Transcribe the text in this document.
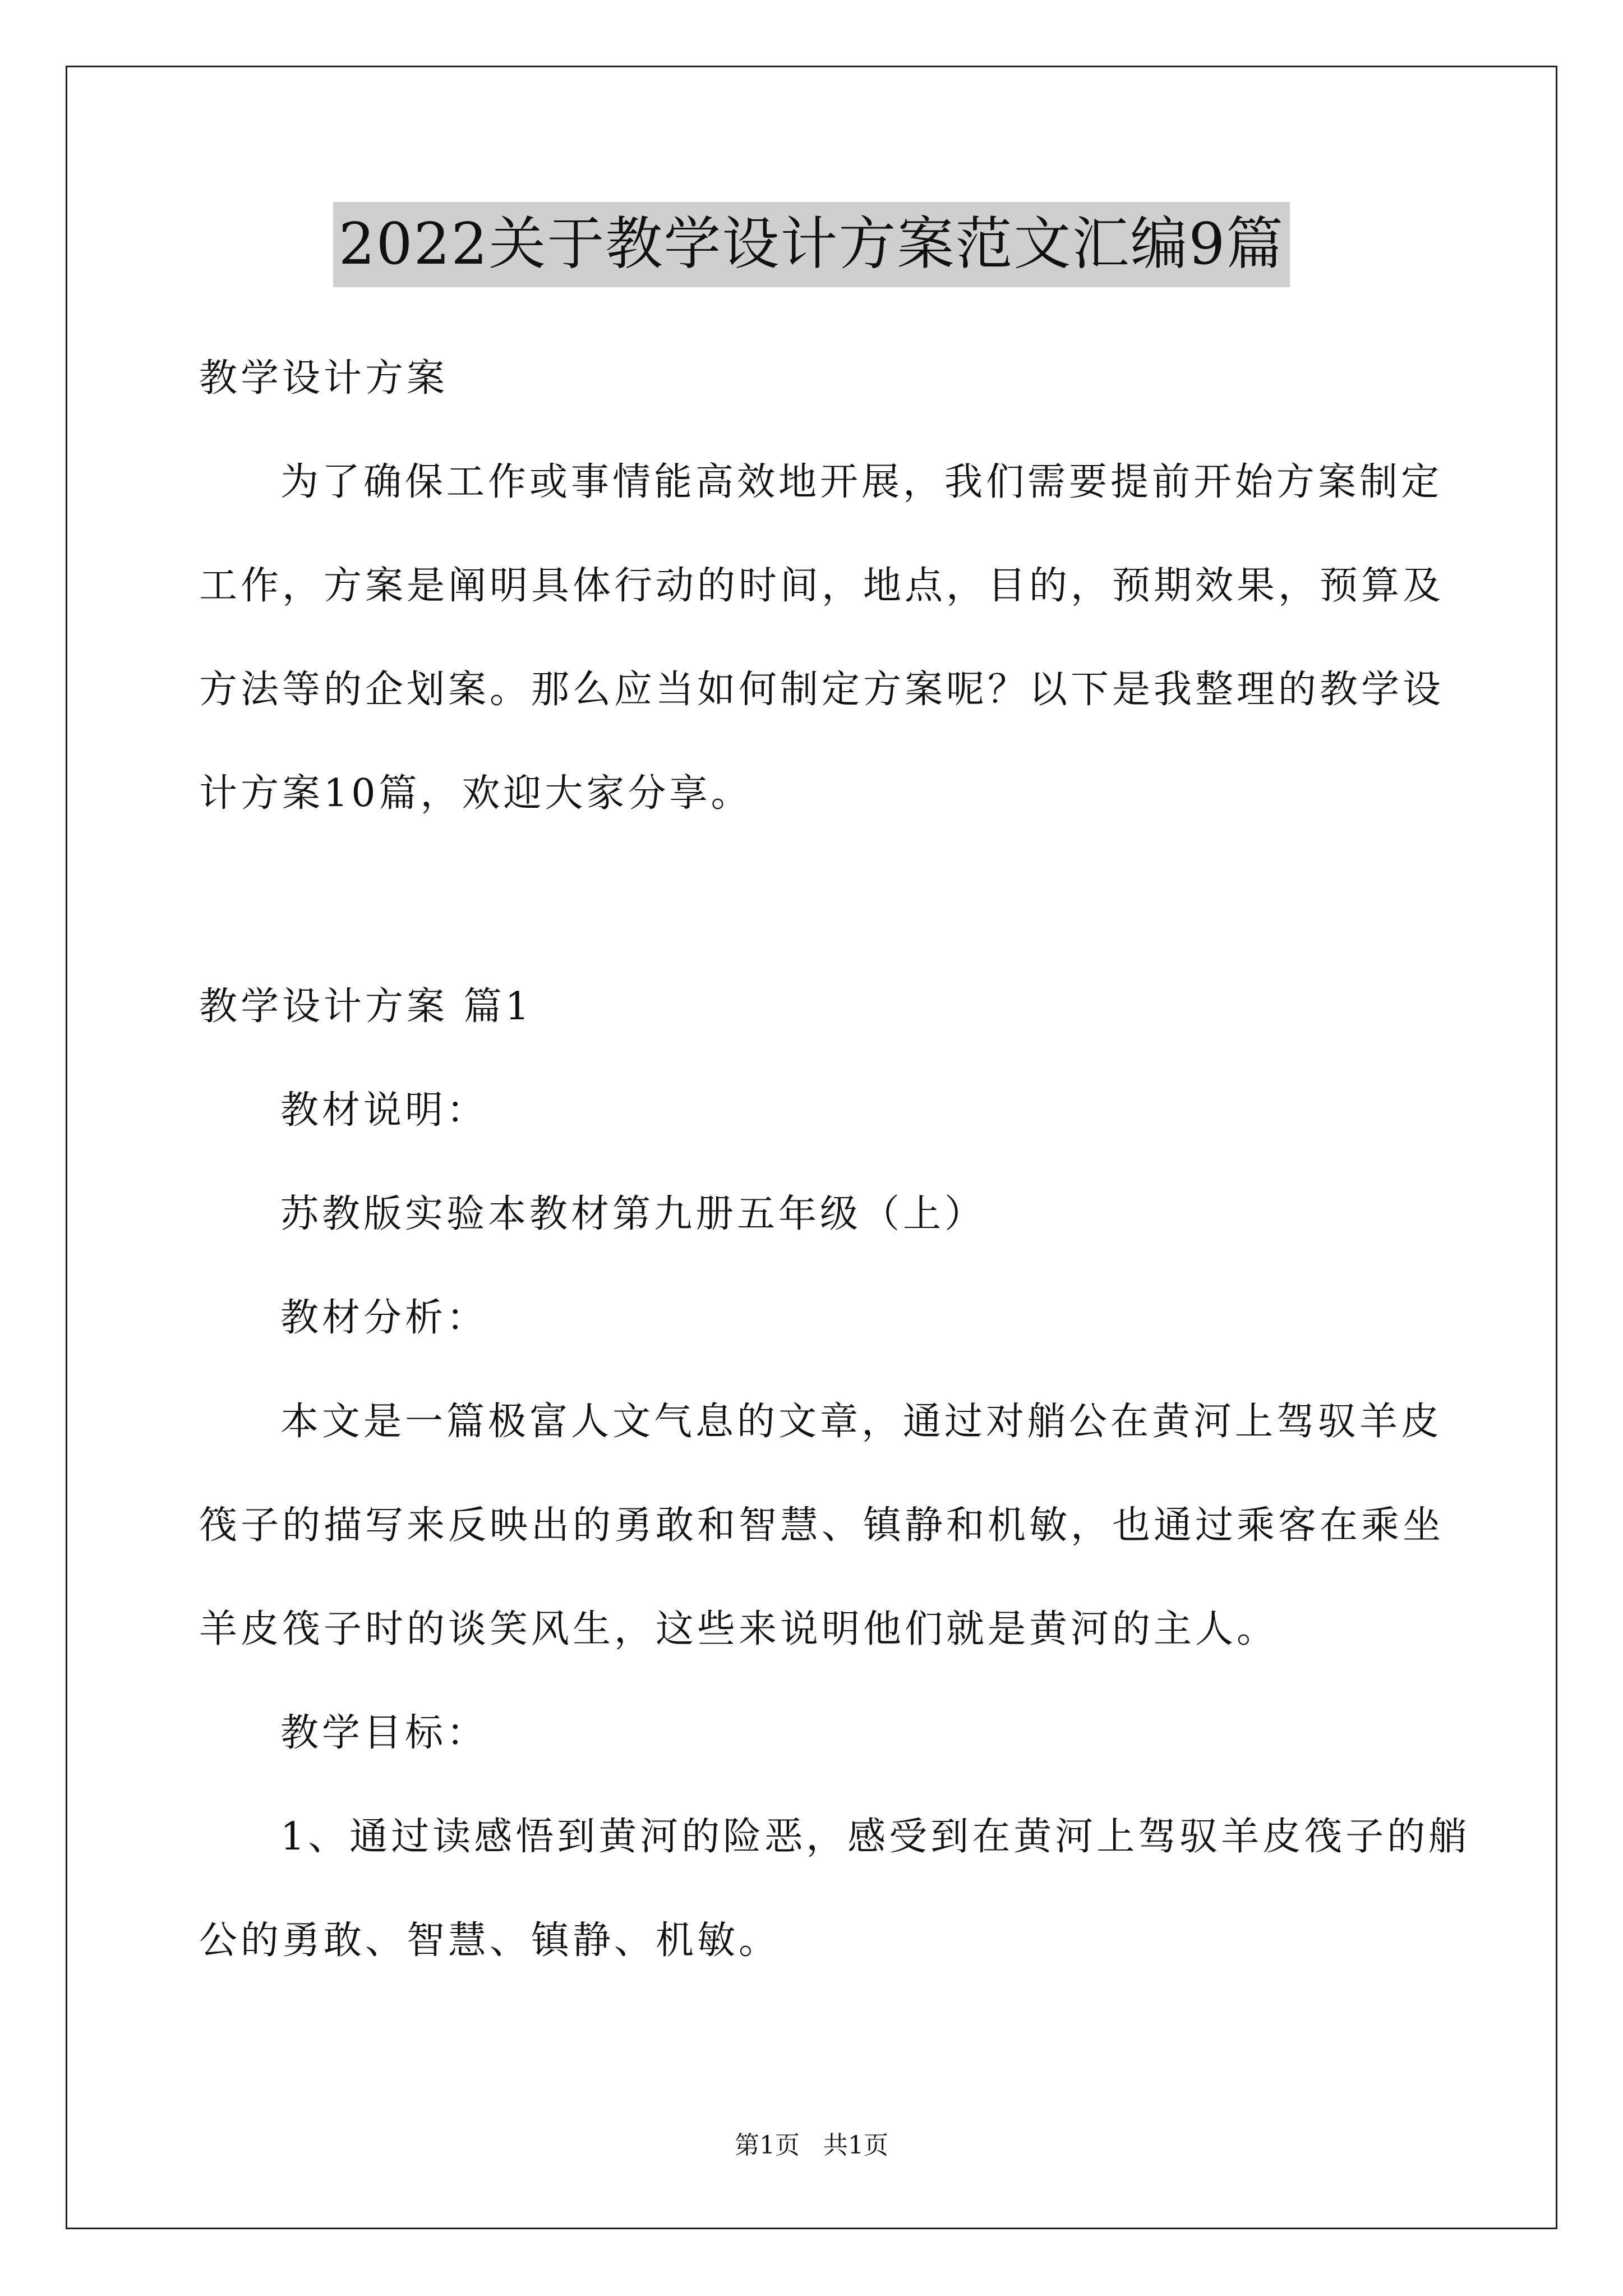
2022关于教学设计方案范文汇编9篇
教学设计方案
为了确保工作或事情能高效地开展，我们需要提前开始方案制定
工作，方案是阐明具体行动的时间，地点，目的，预期效果，预算及
方法等的企划案。那么应当如何制定方案呢？以下是我整理的教学设
计方案10篇，欢迎大家分享。
教学设计方案 篇1
教材说明：
苏教版实验本教材第九册五年级（上）
教材分析：
本文是一篇极富人文气息的文章，通过对艄公在黄河上驾驭羊皮
筏子的描写来反映出的勇敢和智慧、镇静和机敏，也通过乘客在乘坐
羊皮筏子时的谈笑风生，这些来说明他们就是黄河的主人。
教学目标：
1、通过读感悟到黄河的险恶，感受到在黄河上驾驭羊皮筏子的艄
公的勇敢、智慧、镇静、机敏。
第1页   共1页
